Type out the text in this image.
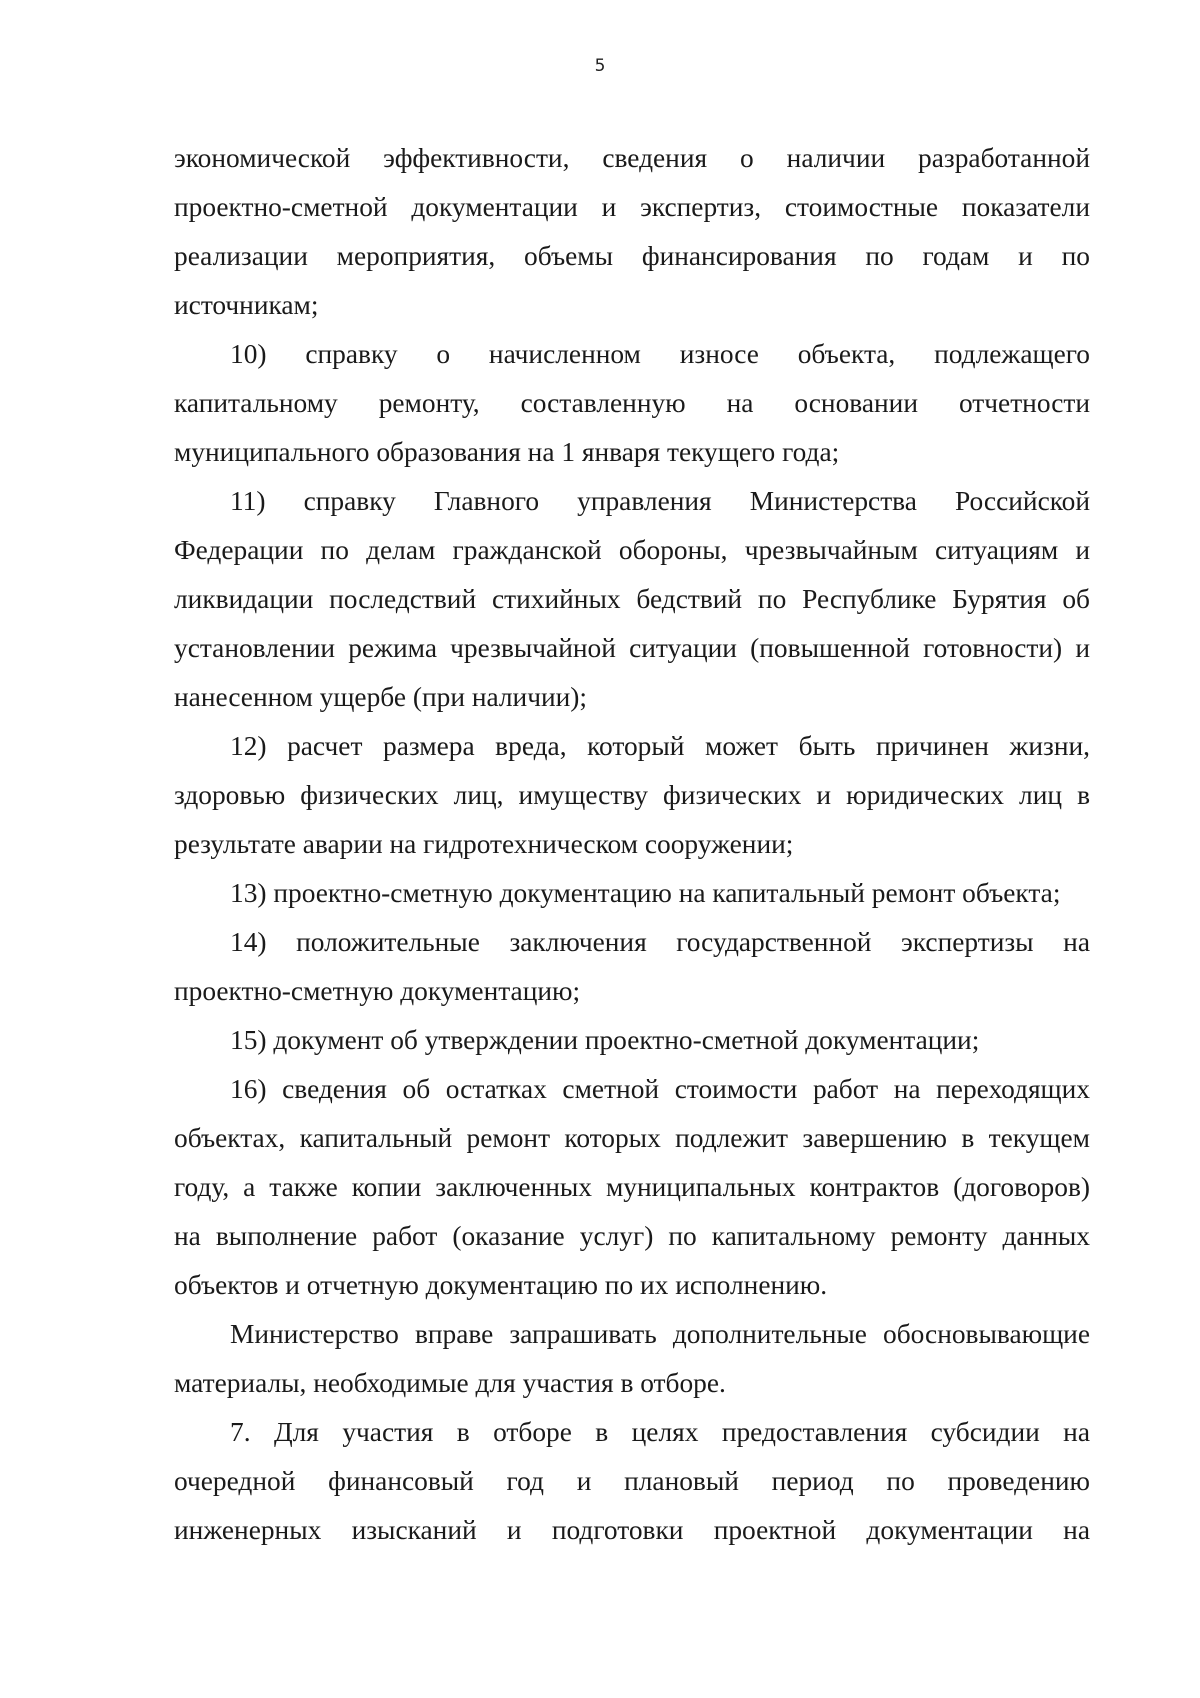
5
экономической эффективности, сведения о наличии разработанной
проектно-сметной документации и экспертиз, стоимостные показатели
реализации мероприятия, объемы финансирования по годам и по
источникам;
10) справку о начисленном износе объекта, подлежащего
капитальному ремонту, составленную на основании отчетности
муниципального образования на 1 января текущего года;
11) справку Главного управления Министерства Российской
Федерации по делам гражданской обороны, чрезвычайным ситуациям и
ликвидации последствий стихийных бедствий по Республике Бурятия об
установлении режима чрезвычайной ситуации (повышенной готовности) и
нанесенном ущербе (при наличии);
12) расчет размера вреда, который может быть причинен жизни,
здоровью физических лиц, имуществу физических и юридических лиц в
результате аварии на гидротехническом сооружении;
13) проектно-сметную документацию на капитальный ремонт объекта;
14) положительные заключения государственной экспертизы на
проектно-сметную документацию;
15) документ об утверждении проектно-сметной документации;
16) сведения об остатках сметной стоимости работ на переходящих
объектах, капитальный ремонт которых подлежит завершению в текущем
году, а также копии заключенных муниципальных контрактов (договоров)
на выполнение работ (оказание услуг) по капитальному ремонту данных
объектов и отчетную документацию по их исполнению.
Министерство вправе запрашивать дополнительные обосновывающие
материалы, необходимые для участия в отборе.
7. Для участия в отборе в целях предоставления субсидии на
очередной финансовый год и плановый период по проведению
инженерных изысканий и подготовки проектной документации на
